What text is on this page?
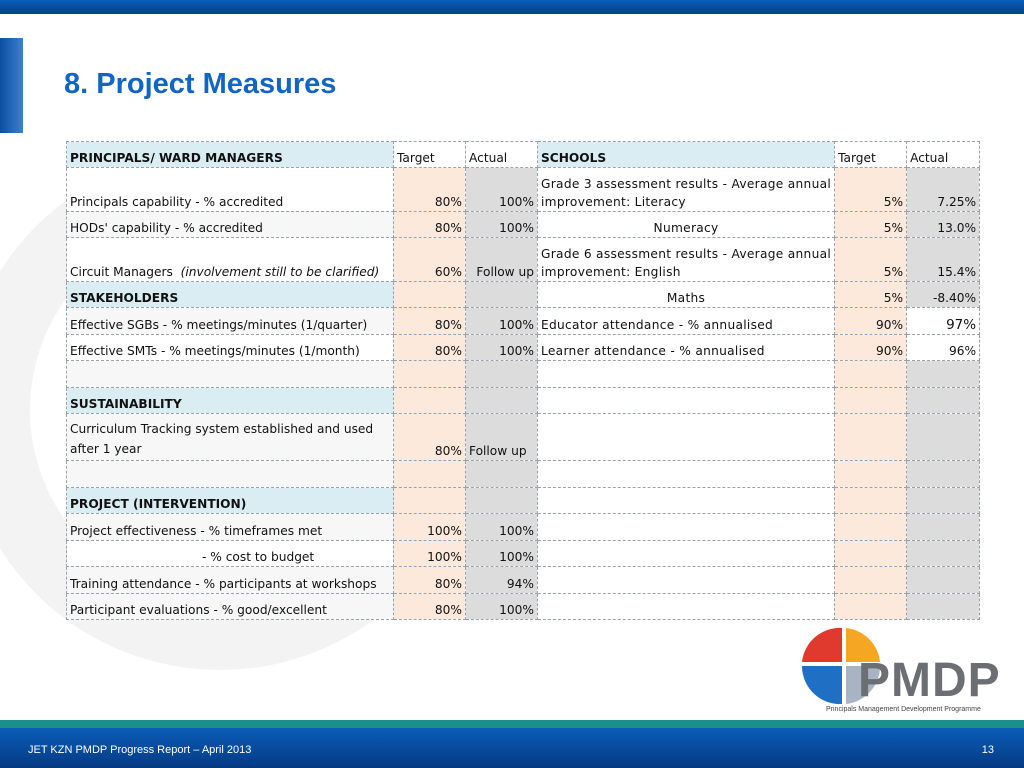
8. Project Measures
PRINCIPALS/ WARD MANAGERS	Target	Actual	SCHOOLS	Target	Actual
Principals capability - % accredited	80%	100%	Grade 3 assessment results - Average annual
improvement: Literacy	5%	7.25%
HODs' capability - % accredited	80%	100%	Numeracy	5%	13.0%
Circuit Managers (involvement still to be clarified)	60%	Follow up	Grade 6 assessment results - Average annual
improvement: English	5%	15.4%
STAKEHOLDERS			Maths	5%	-8.40%
Effective SGBs - % meetings/minutes (1/quarter)	80%	100%	Educator attendance - % annualised	90%	97%
Effective SMTs - % meetings/minutes (1/month)	80%	100%	Learner attendance - % annualised	90%	96%

SUSTAINABILITY					

Curriculum Tracking system established and used
after 1 year	80%	Follow up			

PROJECT (INTERVENTION)					
Project effectiveness - % timeframes met	100%	100%			
- % cost to budget	100%	100%			
Training attendance - % participants at workshops	80%	94%			
Participant evaluations - % good/excellent	80%	100%			
PMDP
Principals Management Development Programme
JET KZN PMDP Progress Report – April 2013	13
